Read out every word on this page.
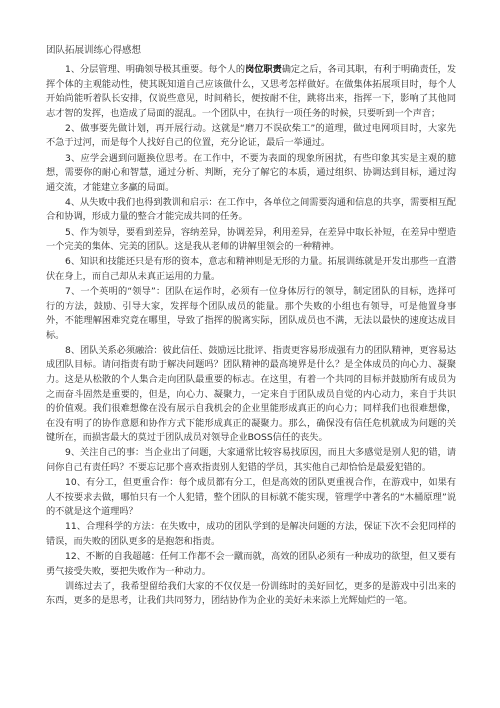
团队拓展训练心得感想

1、分层管理、明确领导极其重要。每个人的岗位职责确定之后，各司其职，有利于明确责任，发挥个体的主观能动性，使其既知道自己应该做什么，又思考怎样做好。在做集体拓展项目时，每个人开始尚能听着队长安排，仅说些意见，时间稍长，便按耐不住，跳将出来，指挥一下，影响了其他同志才智的发挥，也造成了局面的混乱。一个团队中，在执行一项任务的时候，只要听到一个声音；

2、做事要先做计划，再开展行动。这就是“磨刀不误砍柴工”的道理，做过电网项目时，大家先不急于过河，而是每个人找好自己的位置，充分论证，最后一举通过。

3、应学会遇到问题换位思考。在工作中，不要为表面的现象所困扰，有些印象其实是主观的臆想，需要你的耐心和智慧，通过分析、判断，充分了解它的本质，通过组织、协调达到目标，通过沟通交流，才能建立多赢的局面。

4、从失败中我们也得到教训和启示：在工作中，各单位之间需要沟通和信息的共享，需要相互配合和协调，形成力量的整合才能完成共同的任务。

5、作为领导，要看到差异，容纳差异，协调差异，利用差异，在差异中取长补短，在差异中塑造一个完美的集体、完美的团队。这是我从老师的讲解里领会的一种精神。

6、知识和技能还只是有形的资本，意志和精神则是无形的力量。拓展训练就是开发出那些一直潜伏在身上，而自己却从未真正运用的力量。

7、一个英明的“领导”：团队在运作时，必须有一位身体厉行的领导，制定团队的目标，选择可行的方法，鼓励、引导大家，发挥每个团队成员的能量。那个失败的小组也有领导，可是他置身事外，不能理解困难究竟在哪里，导致了指挥的脱离实际，团队成员也不满，无法以最快的速度达成目标。

8、团队关系必须融洽：彼此信任、鼓励远比批评、指责更容易形成强有力的团队精神，更容易达成团队目标。请问指责有助于解决问题吗？团队精神的最高境界是什么？是全体成员的向心力、凝聚力。这是从松散的个人集合走向团队最重要的标志。在这里，有着一个共同的目标并鼓励所有成员为之而奋斗固然是重要的，但是，向心力、凝聚力，一定来自于团队成员自觉的内心动力，来自于共识的价值观。我们很难想像在没有展示自我机会的企业里能形成真正的向心力；同样我们也很难想像，在没有明了的协作意愿和协作方式下能形成真正的凝聚力。那么，确保没有信任危机就成为问题的关键所在，而损害最大的莫过于团队成员对领导企业BOSS信任的丧失。

9、关注自己的事：当企业出了问题，大家通常比较容易找原因，而且大多感觉是别人犯的错，请问你自己有责任吗？不要忘记那个喜欢指责别人犯错的学员，其实他自己却恰恰是最爱犯错的。

10、有分工，但更重合作：每个成员都有分工，但是高效的团队更重视合作，在游戏中，如果有人不按要求去做，哪怕只有一个人犯错，整个团队的目标就不能实现，管理学中著名的“木桶原理”说的不就是这个道理吗？

11、合理科学的方法：在失败中，成功的团队学到的是解决问题的方法，保证下次不会犯同样的错误，而失败的团队更多的是抱怨和指责。

12、不断的自我超越：任何工作都不会一蹴而就，高效的团队必须有一种成功的欲望，但又要有勇气接受失败，要把失败作为一种动力。

训练过去了，我希望留给我们大家的不仅仅是一份训练时的美好回忆，更多的是游戏中引出来的东西，更多的是思考，让我们共同努力，团结协作为企业的美好未来添上光辉灿烂的一笔。
